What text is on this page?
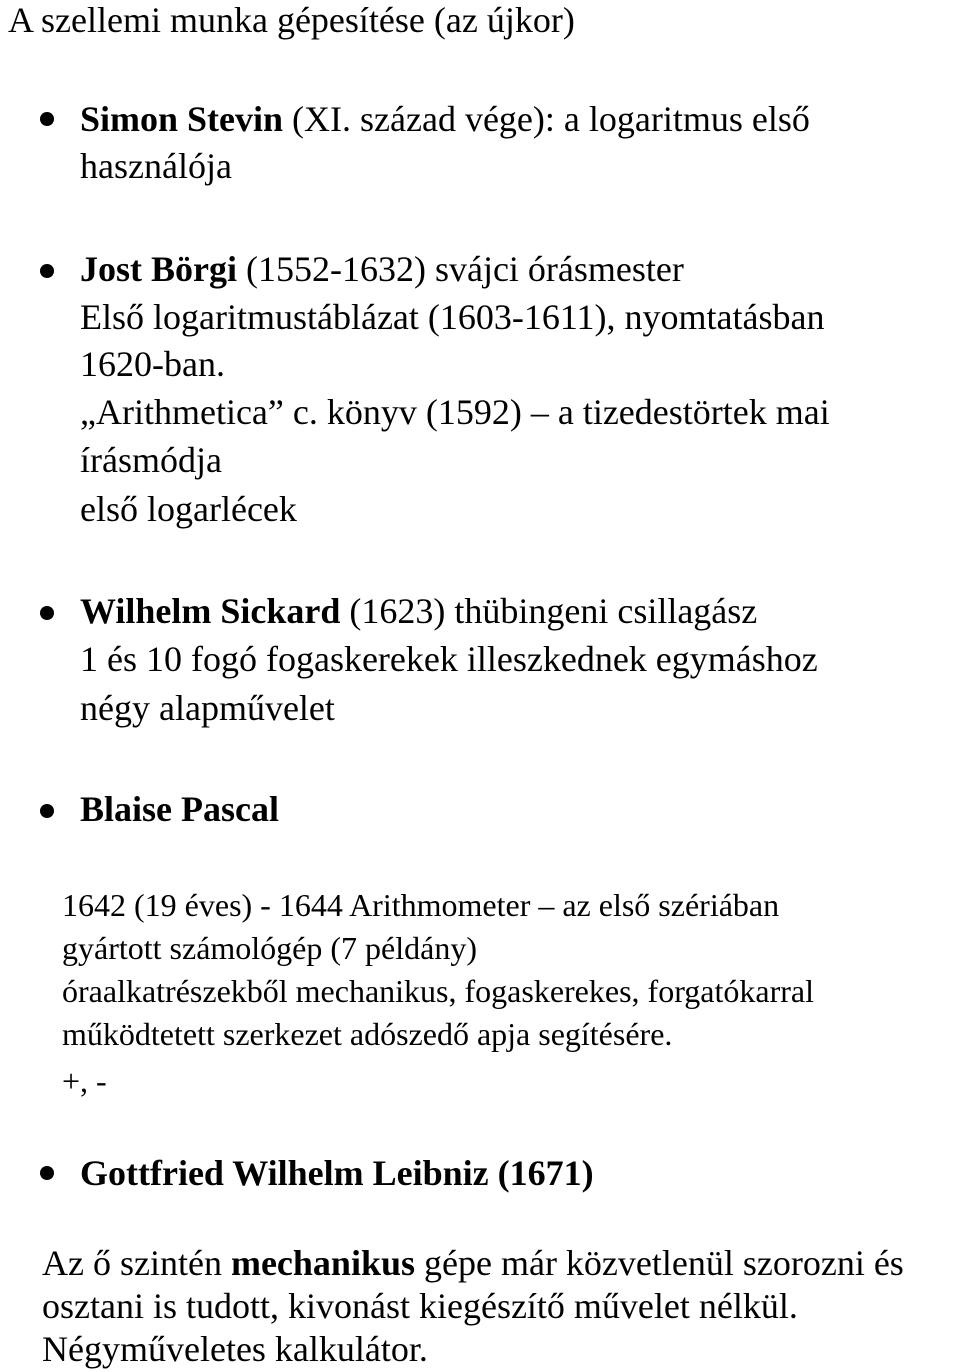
A szellemi munka gépesítése (az újkor)
Simon Stevin (XI. század vége): a logaritmus első
használója
Jost Börgi (1552-1632) svájci órásmester
Első logaritmustáblázat (1603-1611), nyomtatásban
1620-ban.
„Arithmetica” c. könyv (1592) – a tizedestörtek mai
írásmódja
első logarlécek
Wilhelm Sickard (1623) thübingeni csillagász
1 és 10 fogó fogaskerekek illeszkednek egymáshoz
négy alapművelet
Blaise Pascal
1642 (19 éves) - 1644 Arithmometer – az első szériában
gyártott számológép (7 példány)
óraalkatrészekből mechanikus, fogaskerekes, forgatókarral
működtetett szerkezet adószedő apja segítésére.
+, -
Gottfried Wilhelm Leibniz (1671)
Az ő szintén mechanikus gépe már közvetlenül szorozni és
osztani is tudott, kivonást kiegészítő művelet nélkül.
Négyműveletes kalkulátor.
